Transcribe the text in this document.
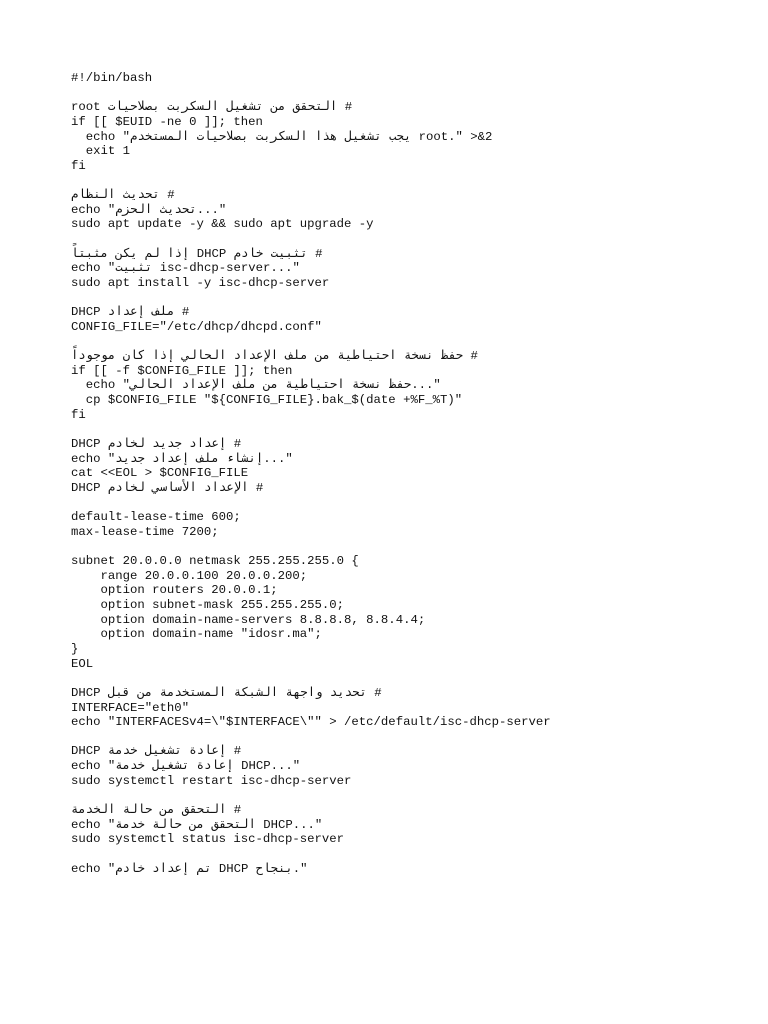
#!/bin/bash
# التحقق من تشغيل السكربت بصلاحيات root
if [[ $EUID -ne 0 ]]; then
echo "يجب تشغيل هذا السكربت بصلاحيات المستخدم root." >&2
exit 1
fi
# تحديث النظام
echo "تحديث الحزم..."
sudo apt update -y && sudo apt upgrade -y
# تثبيت خادم DHCP إذا لم يكن مثبتاً
echo "تثبيت isc-dhcp-server..."
sudo apt install -y isc-dhcp-server
# ملف إعداد DHCP
CONFIG_FILE="/etc/dhcp/dhcpd.conf"
# حفظ نسخة احتياطية من ملف الإعداد الحالي إذا كان موجوداً
if [[ -f $CONFIG_FILE ]]; then
echo "حفظ نسخة احتياطية من ملف الإعداد الحالي..."
cp $CONFIG_FILE "${CONFIG_FILE}.bak_$(date +%F_%T)"
fi
# إعداد جديد لخادم DHCP
echo "إنشاء ملف إعداد جديد..."
cat <<EOL > $CONFIG_FILE
# الإعداد الأساسي لخادم DHCP
default-lease-time 600;
max-lease-time 7200;
subnet 20.0.0.0 netmask 255.255.255.0 {
range 20.0.0.100 20.0.0.200;
option routers 20.0.0.1;
option subnet-mask 255.255.255.0;
option domain-name-servers 8.8.8.8, 8.8.4.4;
option domain-name "idosr.ma";
}
EOL
# تحديد واجهة الشبكة المستخدمة من قبل DHCP
INTERFACE="eth0"
echo "INTERFACESv4=\"$INTERFACE\"" > /etc/default/isc-dhcp-server
# إعادة تشغيل خدمة DHCP
echo "إعادة تشغيل خدمة DHCP..."
sudo systemctl restart isc-dhcp-server
# التحقق من حالة الخدمة
echo "التحقق من حالة خدمة DHCP..."
sudo systemctl status isc-dhcp-server
echo "تم إعداد خادم DHCP بنجاح."
